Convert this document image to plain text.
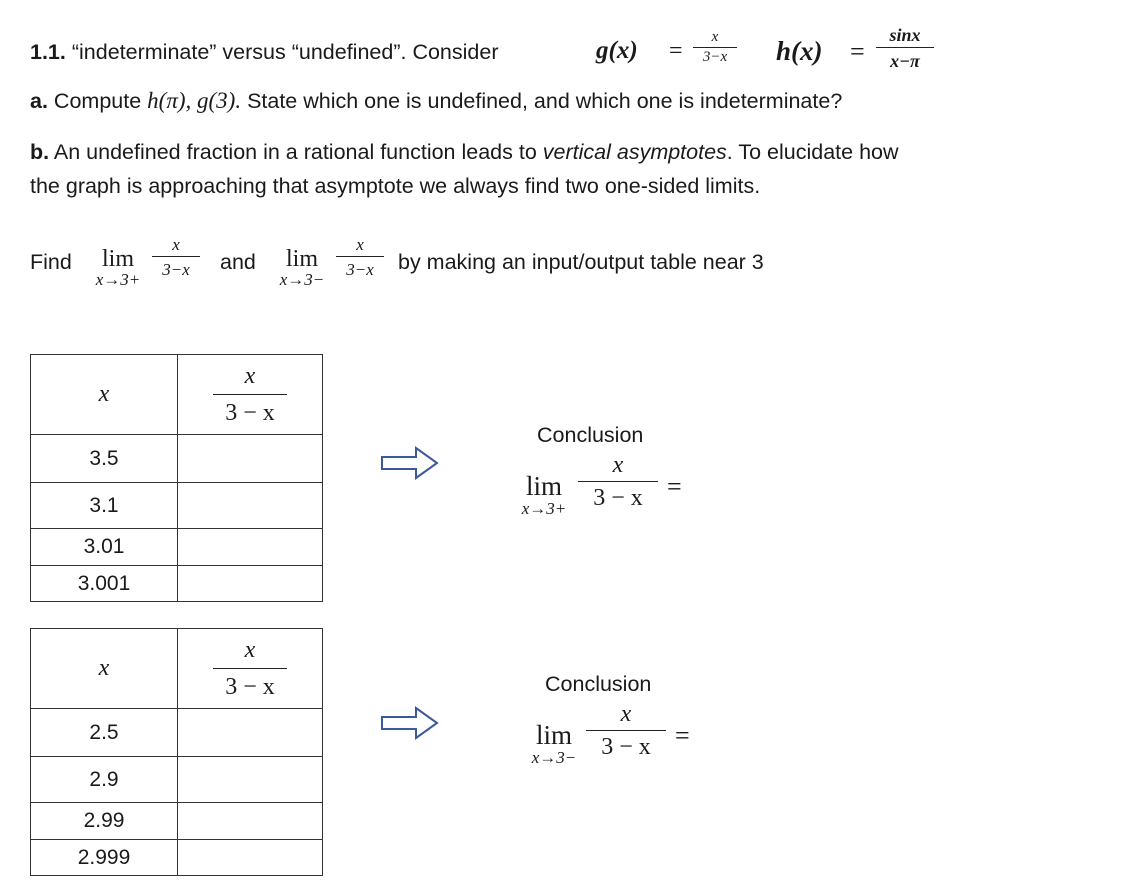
1.1. “indeterminate” versus “undefined”. Consider	g(x) =
x
3−x	h(x) =
sinx
x−π
a. Compute h(π), g(3). State which one is undefined, and which one is indeterminate?
b. An undefined fraction in a rational function leads to vertical asymptotes. To elucidate how
the graph is approaching that asymptote we always find two one-sided limits.
Find	lim
x→3+
x
3−x	and	lim
x→3−
x
3−x	by making an input/output table near 3
x	$\frac{x}{3 - x}$

3.5	
3.1	
3.01	
3.001	
x	$\frac{x}{3 - x}$

2.5	
2.9	
2.99	
2.999	
Conclusion
lim
x→3+
x
3 − x =
Conclusion
lim
x→3−
x
3 − x =
